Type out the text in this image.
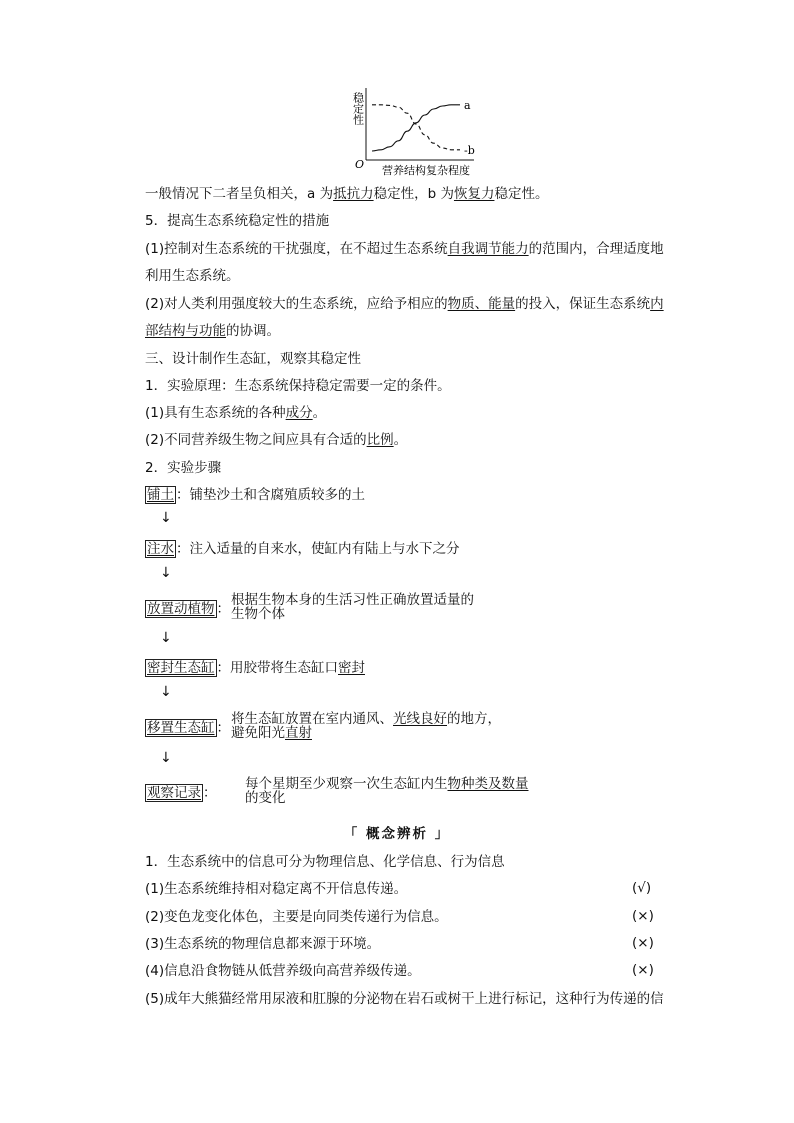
a
-b
稳定性
营养结构复杂程度
O
一般情况下二者呈负相关，a 为抵抗力稳定性，b 为恢复力稳定性。
5．提高生态系统稳定性的措施
(1)控制对生态系统的干扰强度，在不超过生态系统自我调节能力的范围内，合理适度地
利用生态系统。
(2)对人类利用强度较大的生态系统，应给予相应的物质、能量的投入，保证生态系统内
部结构与功能的协调。
三、设计制作生态缸，观察其稳定性
1．实验原理：生态系统保持稳定需要一定的条件。
(1)具有生态系统的各种成分。
(2)不同营养级生物之间应具有合适的比例。
2．实验步骤
铺土 ：铺垫沙土和含腐殖质较多的土
↓
注水 ：注入适量的自来水，使缸内有陆上与水下之分
↓
放置动植物 ：
根据生物本身的生活习性正确放置适量的
生物个体
↓
密封生态缸 ：用胶带将生态缸口密封
↓
移置生态缸 ：
将生态缸放置在室内通风、光线良好的地方，
避免阳光直射
↓
观察记录 ：
每个星期至少观察一次生态缸内生物种类及数量
的变化
「 概念辨析 」
1．生态系统中的信息可分为物理信息、化学信息、行为信息
(1)生态系统维持相对稳定离不开信息传递。	(√)
(2)变色龙变化体色，主要是向同类传递行为信息。	(×)
(3)生态系统的物理信息都来源于环境。	(×)
(4)信息沿食物链从低营养级向高营养级传递。	(×)
(5)成年大熊猫经常用尿液和肛腺的分泌物在岩石或树干上进行标记，这种行为传递的信
